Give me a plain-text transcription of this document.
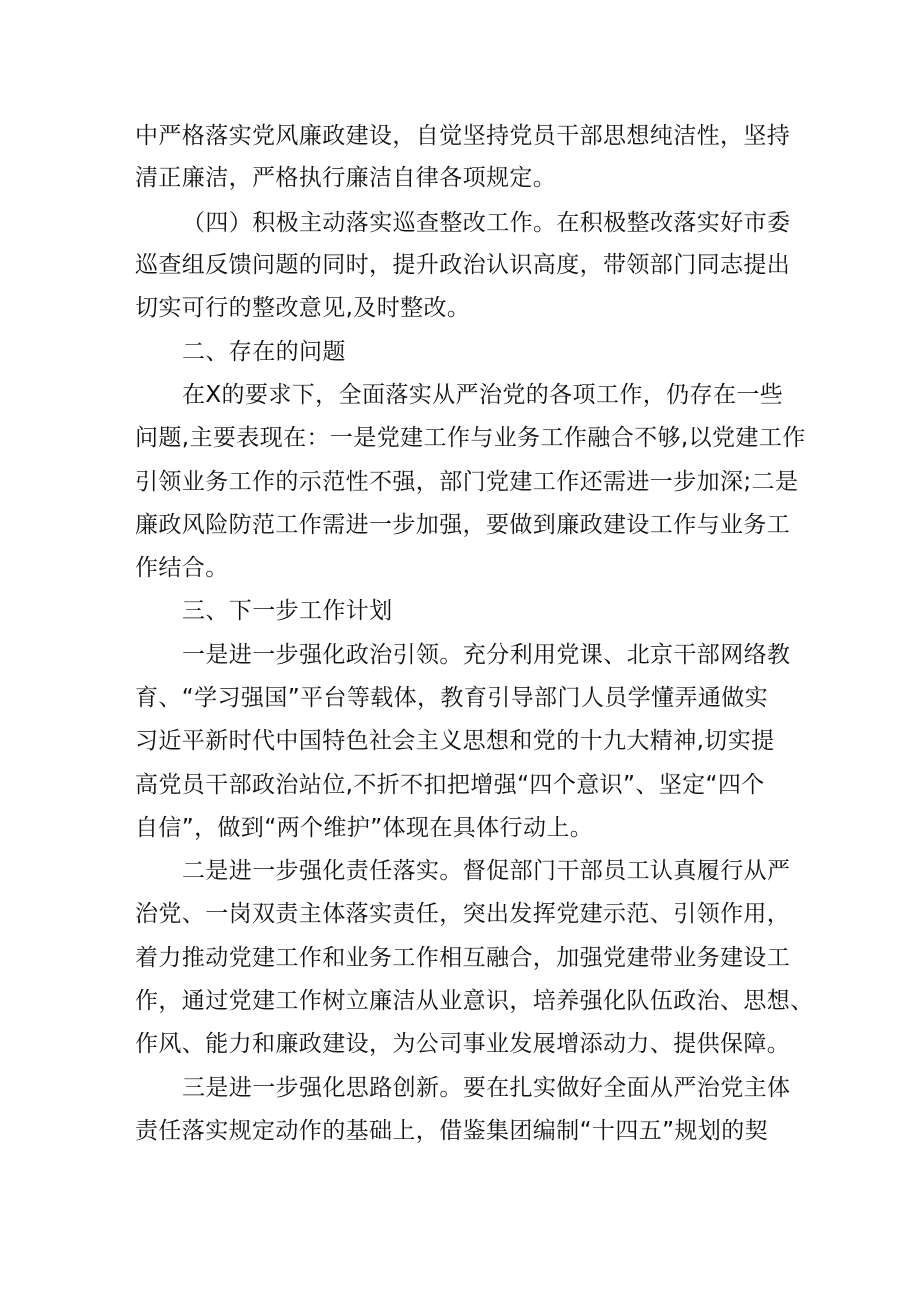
中严格落实党风廉政建设，自觉坚持党员干部思想纯洁性，坚持
清正廉洁，严格执行廉洁自律各项规定。
（四）积极主动落实巡查整改工作。在积极整改落实好市委
巡查组反馈问题的同时，提升政治认识高度，带领部门同志提出
切实可行的整改意见,及时整改。
二、存在的问题
在X的要求下，全面落实从严治党的各项工作，仍存在一些
问题,主要表现在：一是党建工作与业务工作融合不够,以党建工作
引领业务工作的示范性不强，部门党建工作还需进一步加深;二是
廉政风险防范工作需进一步加强，要做到廉政建设工作与业务工
作结合。
三、下一步工作计划
一是进一步强化政治引领。充分利用党课、北京干部网络教
育、“学习强国”平台等载体，教育引导部门人员学懂弄通做实
习近平新时代中国特色社会主义思想和党的十九大精神,切实提
高党员干部政治站位,不折不扣把增强“四个意识”、坚定“四个
自信”，做到“两个维护”体现在具体行动上。
二是进一步强化责任落实。督促部门干部员工认真履行从严
治党、一岗双责主体落实责任，突出发挥党建示范、引领作用，
着力推动党建工作和业务工作相互融合，加强党建带业务建设工
作，通过党建工作树立廉洁从业意识，培养强化队伍政治、思想、
作风、能力和廉政建设，为公司事业发展增添动力、提供保障。
三是进一步强化思路创新。要在扎实做好全面从严治党主体
责任落实规定动作的基础上，借鉴集团编制“十四五”规划的契
